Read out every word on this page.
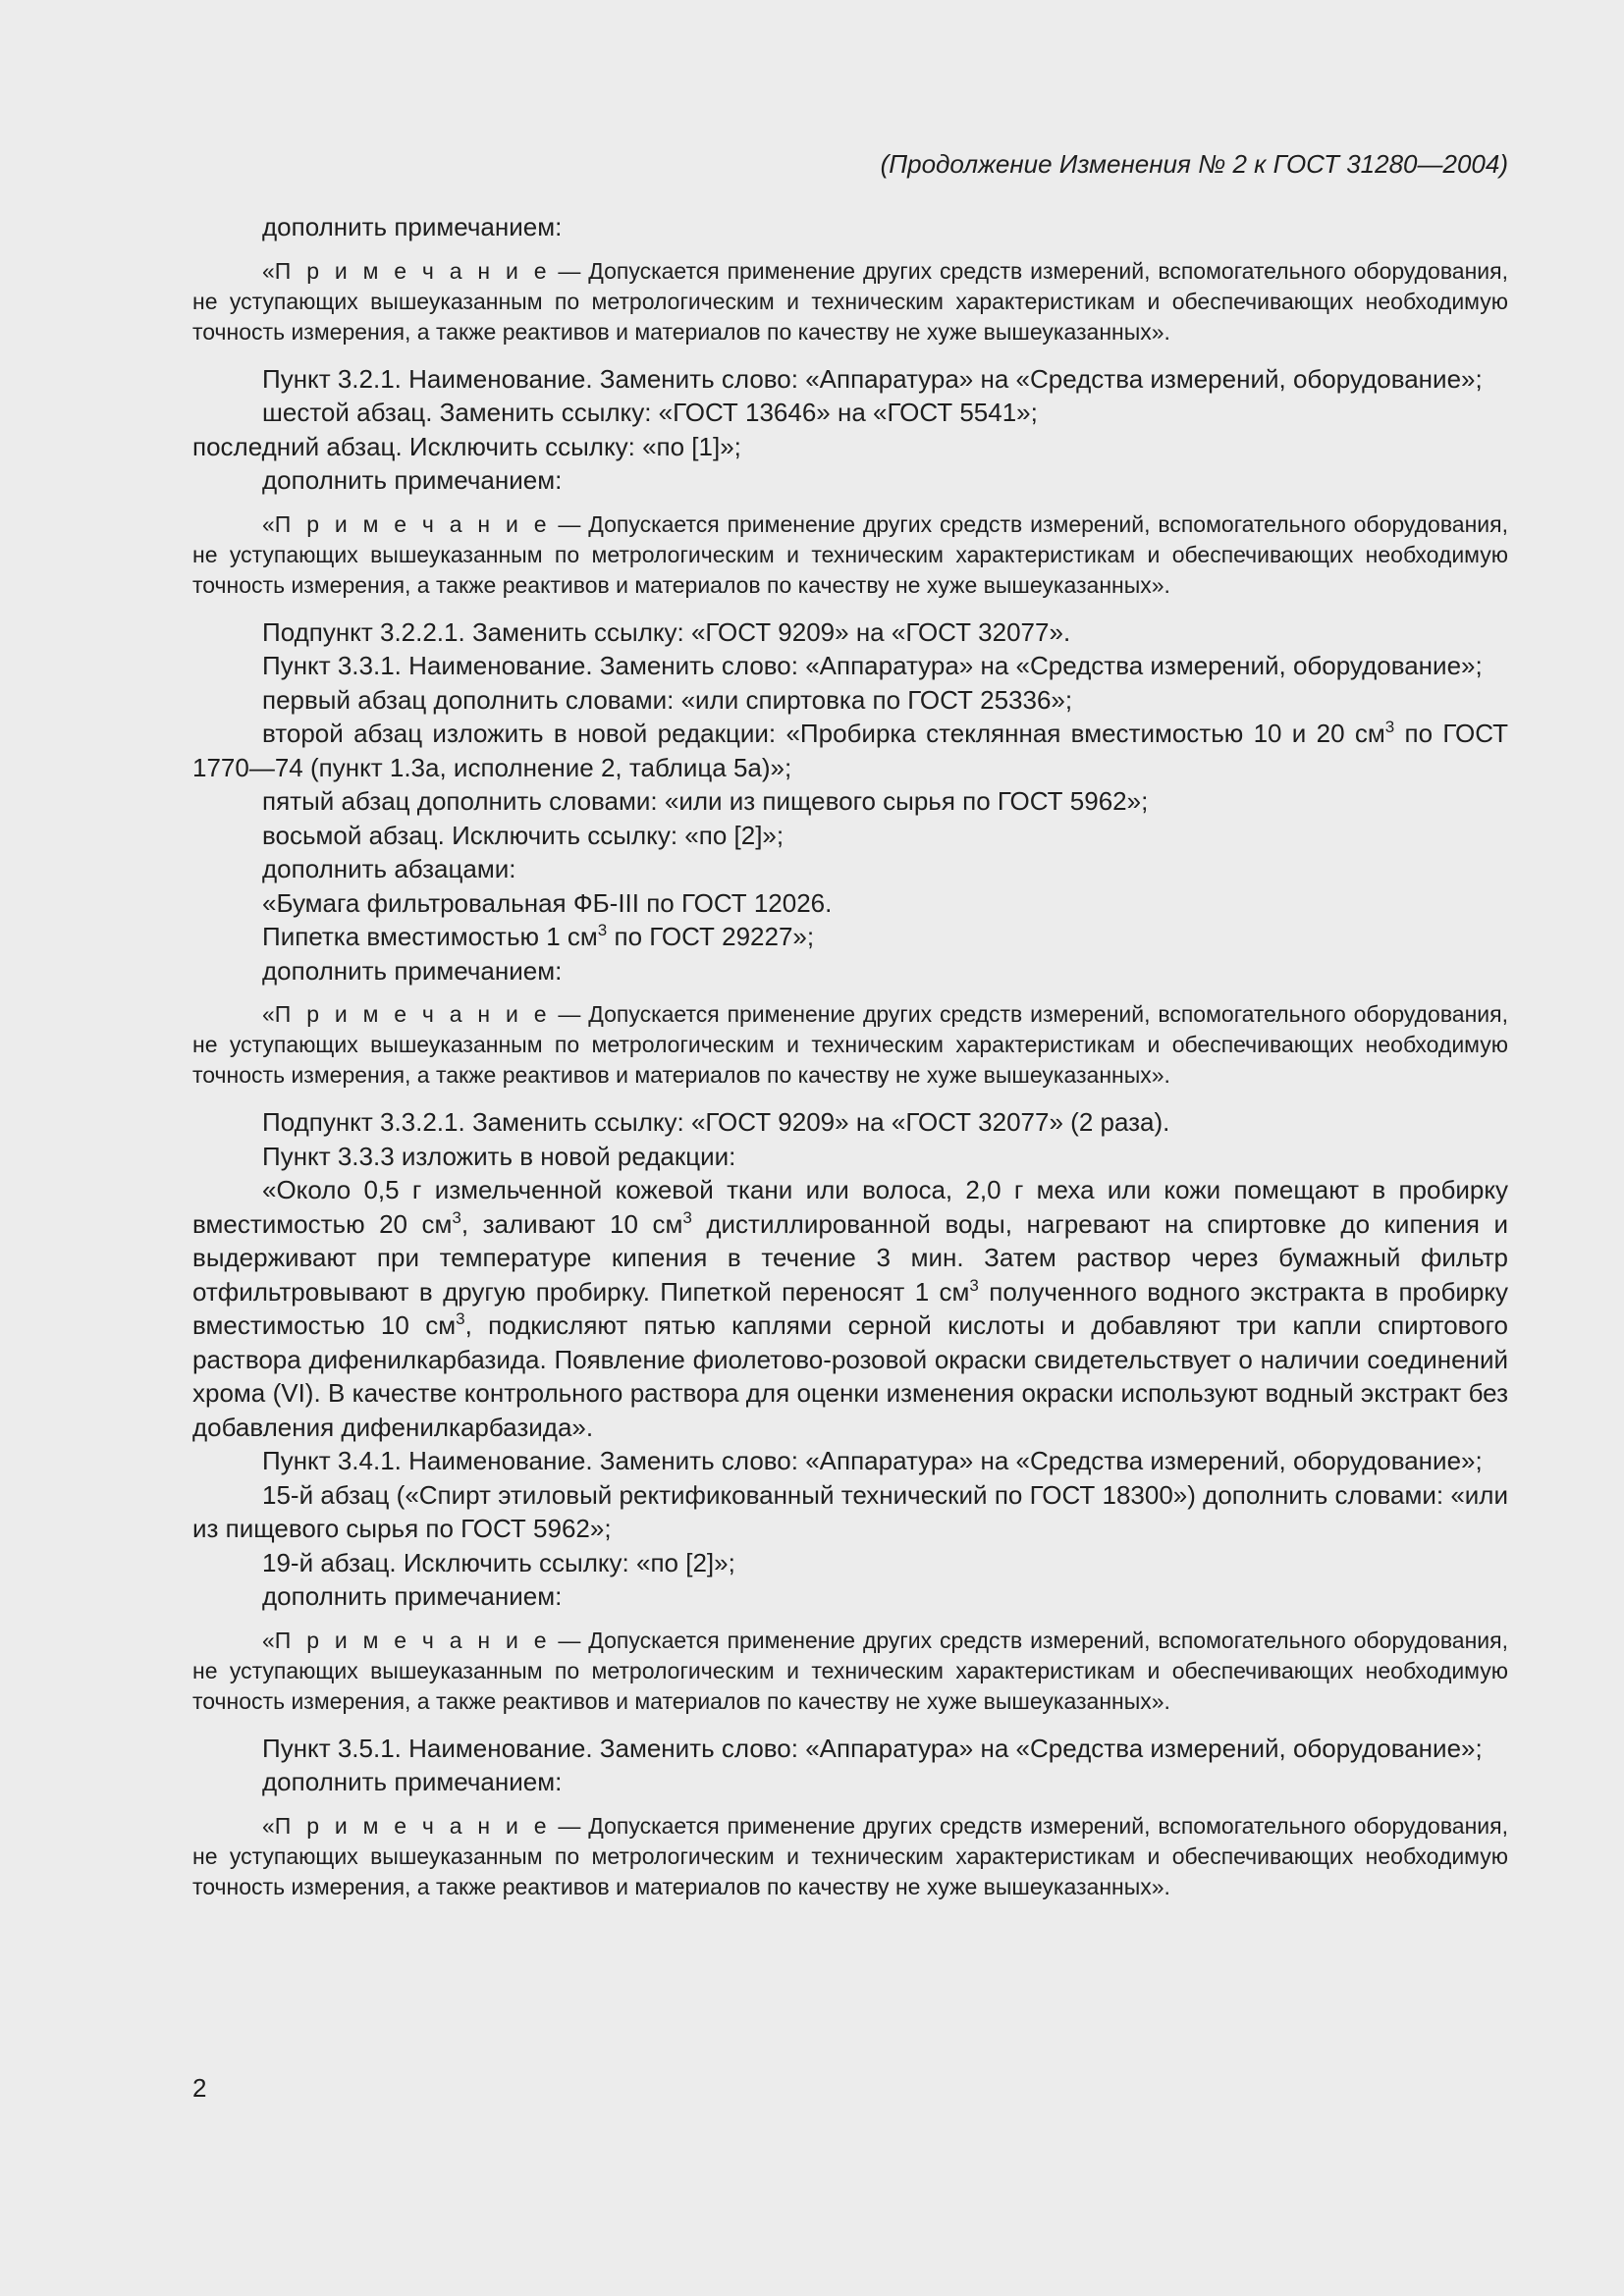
(Продолжение Изменения № 2 к ГОСТ 31280—2004)

дополнить примечанием:

«П р и м е ч а н и е — Допускается применение других средств измерений, вспомогательного оборудования, не уступающих вышеуказанным по метрологическим и техническим характеристикам и обеспечивающих необходимую точность измерения, а также реактивов и материалов по качеству не хуже вышеуказанных».

Пункт 3.2.1. Наименование. Заменить слово: «Аппаратура» на «Средства измерений, оборудование»;

шестой абзац. Заменить ссылку: «ГОСТ 13646» на «ГОСТ 5541»;

последний абзац. Исключить ссылку: «по [1]»;

дополнить примечанием:

«П р и м е ч а н и е — Допускается применение других средств измерений, вспомогательного оборудования, не уступающих вышеуказанным по метрологическим и техническим характеристикам и обеспечивающих необходимую точность измерения, а также реактивов и материалов по качеству не хуже вышеуказанных».

Подпункт 3.2.2.1. Заменить ссылку: «ГОСТ 9209» на «ГОСТ 32077».

Пункт 3.3.1. Наименование. Заменить слово: «Аппаратура» на «Средства измерений, оборудование»;

первый абзац дополнить словами: «или спиртовка по ГОСТ 25336»;

второй абзац изложить в новой редакции: «Пробирка стеклянная вместимостью 10 и 20 $см^3$ по ГОСТ 1770—74 (пункт 1.3а, исполнение 2, таблица 5а)»;

пятый абзац дополнить словами: «или из пищевого сырья по ГОСТ 5962»;

восьмой абзац. Исключить ссылку: «по [2]»;

дополнить абзацами:

«Бумага фильтровальная ФБ-III по ГОСТ 12026.

Пипетка вместимостью 1 $см^3$ по ГОСТ 29227»;

дополнить примечанием:

«П р и м е ч а н и е — Допускается применение других средств измерений, вспомогательного оборудования, не уступающих вышеуказанным по метрологическим и техническим характеристикам и обеспечивающих необходимую точность измерения, а также реактивов и материалов по качеству не хуже вышеуказанных».

Подпункт 3.3.2.1. Заменить ссылку: «ГОСТ 9209» на «ГОСТ 32077» (2 раза).

Пункт 3.3.3 изложить в новой редакции:

«Около 0,5 г измельченной кожевой ткани или волоса, 2,0 г меха или кожи помещают в пробирку вместимостью 20 $см^3$, заливают 10 $см^3$ дистиллированной воды, нагревают на спиртовке до кипения и выдерживают при температуре кипения в течение 3 мин. Затем раствор через бумажный фильтр отфильтровывают в другую пробирку. Пипеткой переносят 1 $см^3$ полученного водного экстракта в пробирку вместимостью 10 $см^3$, подкисляют пятью каплями серной кислоты и добавляют три капли спиртового раствора дифенилкарбазида. Появление фиолетово-розовой окраски свидетельствует о наличии соединений хрома (VI). В качестве контрольного раствора для оценки изменения окраски используют водный экстракт без добавления дифенилкарбазида».

Пункт 3.4.1. Наименование. Заменить слово: «Аппаратура» на «Средства измерений, оборудование»;

15-й абзац («Спирт этиловый ректификованный технический по ГОСТ 18300») дополнить словами: «или из пищевого сырья по ГОСТ 5962»;

19-й абзац. Исключить ссылку: «по [2]»;

дополнить примечанием:

«П р и м е ч а н и е — Допускается применение других средств измерений, вспомогательного оборудования, не уступающих вышеуказанным по метрологическим и техническим характеристикам и обеспечивающих необходимую точность измерения, а также реактивов и материалов по качеству не хуже вышеуказанных».

Пункт 3.5.1. Наименование. Заменить слово: «Аппаратура» на «Средства измерений, оборудование»;

дополнить примечанием:

«П р и м е ч а н и е — Допускается применение других средств измерений, вспомогательного оборудования, не уступающих вышеуказанным по метрологическим и техническим характеристикам и обеспечивающих необходимую точность измерения, а также реактивов и материалов по качеству не хуже вышеуказанных».

2
